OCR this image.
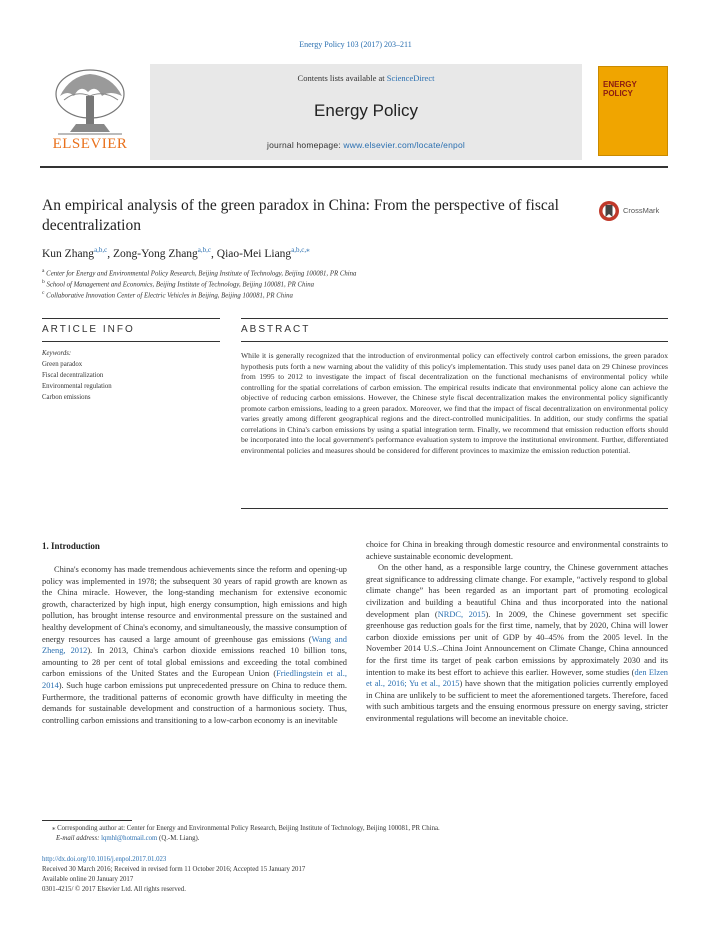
Energy Policy 103 (2017) 203–211
Contents lists available at ScienceDirect
Energy Policy
journal homepage: www.elsevier.com/locate/enpol
ELSEVIER
ENERGY
POLICY
An empirical analysis of the green paradox in China: From the perspective of fiscal decentralization
CrossMark
Kun Zhang$^{a,b,c}$, Zong-Yong Zhang$^{a,b,c}$, Qiao-Mei Liang$^{a,b,c,⁎}$
$^a$ Center for Energy and Environmental Policy Research, Beijing Institute of Technology, Beijing 100081, PR China
$^b$ School of Management and Economics, Beijing Institute of Technology, Beijing 100081, PR China
$^c$ Collaborative Innovation Center of Electric Vehicles in Beijing, Beijing 100081, PR China
ARTICLE INFO	ABSTRACT
Keywords:
Green paradox
Fiscal decentralization
Environmental regulation
Carbon emissions
While it is generally recognized that the introduction of environmental policy can effectively control carbon emissions, the green paradox hypothesis puts forth a new warning about the validity of this policy's implementation. This study uses panel data on 29 Chinese provinces from 1995 to 2012 to investigate the impact of fiscal decentralization on the functional mechanisms of environmental policy while controlling for the spatial correlations of carbon emission. The empirical results indicate that environmental policy alone can achieve the objective of reducing carbon emissions. However, the Chinese style fiscal decentralization makes the environmental policy significantly promote carbon emissions, leading to a green paradox. Moreover, we find that the impact of fiscal decentralization on environmental policy varies greatly among different geographical regions and the direct-controlled municipalities. In addition, our study confirms the spatial correlations in China's carbon emissions by using a spatial integration term. Finally, we recommend that emission reduction efforts should be incorporated into the local government's performance evaluation system to improve the institutional environment. Further, differentiated environmental policies and measures should be considered for different provinces to maximize the emission reduction potential.
1. Introduction

China's economy has made tremendous achievements since the reform and opening-up policy was implemented in 1978; the subsequent 30 years of rapid growth are known as the China miracle. However, the long-standing mechanism for extensive economic growth, characterized by high input, high energy consumption, high emissions and high pollution, has brought intense resource and environmental pressure on the sustained and healthy development of China's economy, and simultaneously, the massive consumption of energy resources has caused a large amount of greenhouse gas emissions (Wang and Zheng, 2012). In 2013, China's carbon dioxide emissions reached 10 billion tons, amounting to 28 per cent of total global emissions and exceeding the total combined carbon emissions of the United States and the European Union (Friedlingstein et al., 2014). Such huge carbon emissions put unprecedented pressure on China to reduce them. Furthermore, the traditional patterns of economic growth have difficulty in meeting the demands for sustainable development and construction of a harmonious society. Thus, controlling carbon emissions and transitioning to a low-carbon economy is an inevitable

choice for China in breaking through domestic resource and environmental constraints to achieve sustainable economic development.

On the other hand, as a responsible large country, the Chinese government attaches great significance to addressing climate change. For example, “actively respond to global climate change” has been regarded as an important part of promoting ecological civilization and building a beautiful China and thus incorporated into the national development plan (NRDC, 2015). In 2009, the Chinese government set specific greenhouse gas reduction goals for the first time, namely, that by 2020, China will lower carbon dioxide emissions per unit of GDP by 40–45% from the 2005 level. In the November 2014 U.S.–China Joint Announcement on Climate Change, China announced for the first time its target of peak carbon emissions by approximately 2030 and its intention to make its best effort to achieve this earlier. However, some studies (den Elzen et al., 2016; Yu et al., 2015) have shown that the mitigation policies currently employed in China are unlikely to be sufficient to meet the aforementioned targets. Therefore, faced with such ambitious targets and the ensuing enormous pressure on energy saving, stricter environmental regulations will become an inevitable choice.

⁎ Corresponding author at: Center for Energy and Environmental Policy Research, Beijing Institute of Technology, Beijing 100081, PR China.
E-mail address: lqmhl@hotmail.com (Q.-M. Liang).
http://dx.doi.org/10.1016/j.enpol.2017.01.023
Received 30 March 2016; Received in revised form 11 October 2016; Accepted 15 January 2017
Available online 20 January 2017
0301-4215/ © 2017 Elsevier Ltd. All rights reserved.
